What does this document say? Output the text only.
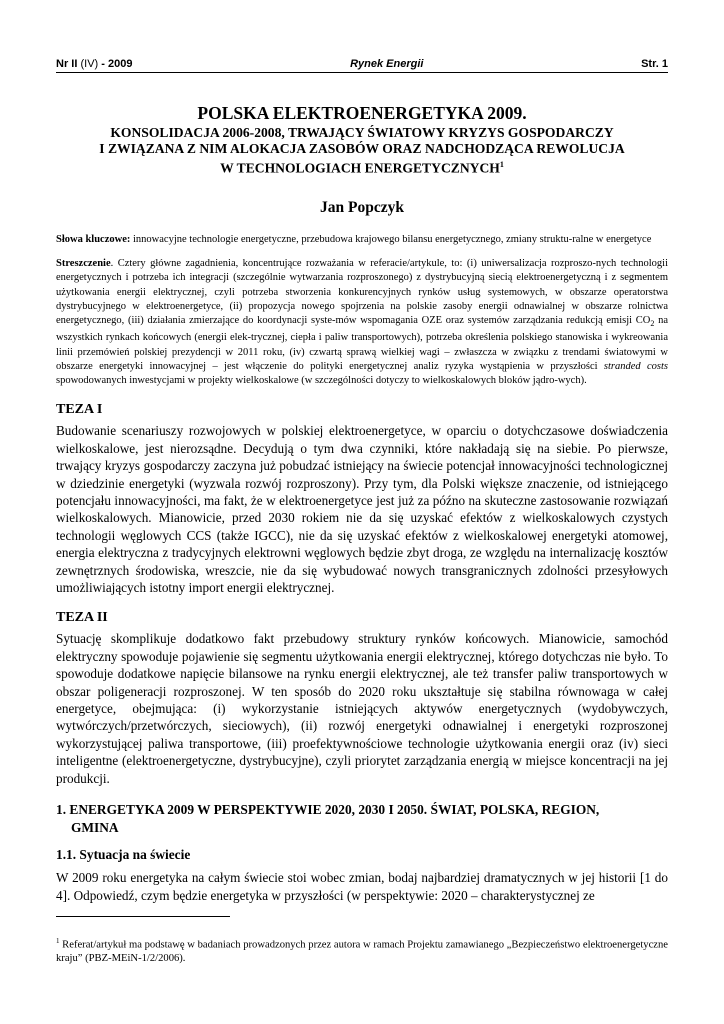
Nr II (IV) - 2009	Rynek Energii	Str. 1
POLSKA ELEKTROENERGETYKA 2009.
KONSOLIDACJA 2006-2008, TRWAJĄCY ŚWIATOWY KRYZYS GOSPODARCZY
I ZWIĄZANA Z NIM ALOKACJA ZASOBÓW ORAZ NADCHODZĄCA REWOLUCJA
W TECHNOLOGIACH ENERGETYCZNYCH$^1$
Jan Popczyk

Słowa kluczowe: innowacyjne technologie energetyczne, przebudowa krajowego bilansu energetycznego, zmiany struktu-ralne w energetyce

Streszczenie. Cztery główne zagadnienia, koncentrujące rozważania w referacie/artykule, to: (i) uniwersalizacja rozproszo-nych technologii energetycznych i potrzeba ich integracji (szczególnie wytwarzania rozproszonego) z dystrybucyjną siecią elektroenergetyczną i z segmentem użytkowania energii elektrycznej, czyli potrzeba stworzenia konkurencyjnych rynków usług systemowych, w obszarze operatorstwa dystrybucyjnego w elektroenergetyce, (ii) propozycja nowego spojrzenia na polskie zasoby energii odnawialnej w obszarze rolnictwa energetycznego, (iii) działania zmierzające do koordynacji syste-mów wspomagania OZE oraz systemów zarządzania redukcją emisji $CO_2$ na wszystkich rynkach końcowych (energii elek-trycznej, ciepła i paliw transportowych), potrzeba określenia polskiego stanowiska i wykreowania linii przemówień polskiej prezydencji w 2011 roku, (iv) czwartą sprawą wielkiej wagi – zwłaszcza w związku z trendami światowymi w obszarze energetyki innowacyjnej – jest włączenie do polityki energetycznej analiz ryzyka wystąpienia w przyszłości stranded costs spowodowanych inwestycjami w projekty wielkoskalowe (w szczególności dotyczy to wielkoskalowych bloków jądro-wych).

TEZA I

Budowanie scenariuszy rozwojowych w polskiej elektroenergetyce, w oparciu o dotychczasowe doświadczenia wielkoskalowe, jest nierozsądne. Decydują o tym dwa czynniki, które nakładają się na siebie. Po pierwsze, trwający kryzys gospodarczy zaczyna już pobudzać istniejący na świecie potencjał innowacyjności technologicznej w dziedzinie energetyki (wyzwala rozwój rozproszony). Przy tym, dla Polski większe znaczenie, od istniejącego potencjału innowacyjności, ma fakt, że w elektroenergetyce jest już za późno na skuteczne zastosowanie rozwiązań wielkoskalowych. Mianowicie, przed 2030 rokiem nie da się uzyskać efektów z wielkoskalowych czystych technologii węglowych CCS (także IGCC), nie da się uzyskać efektów z wielkoskalowej energetyki atomowej, energia elektryczna z tradycyjnych elektrowni węglowych będzie zbyt droga, ze względu na internalizację kosztów zewnętrznych środowiska, wreszcie, nie da się wybudować nowych transgranicznych zdolności przesyłowych umożliwiających istotny import energii elektrycznej.

TEZA II

Sytuację skomplikuje dodatkowo fakt przebudowy struktury rynków końcowych. Mianowicie, samochód elektryczny spowoduje pojawienie się segmentu użytkowania energii elektrycznej, którego dotychczas nie było. To spowoduje dodatkowe napięcie bilansowe na rynku energii elektrycznej, ale też transfer paliw transportowych w obszar poligeneracji rozproszonej. W ten sposób do 2020 roku ukształtuje się stabilna równowaga w całej energetyce, obejmująca: (i) wykorzystanie istniejących aktywów energetycznych (wydobywczych, wytwórczych/przetwórczych, sieciowych), (ii) rozwój energetyki odnawialnej i energetyki rozproszonej wykorzystującej paliwa transportowe, (iii) proefektywnościowe technologie użytkowania energii oraz (iv) sieci inteligentne (elektroenergetyczne, dystrybucyjne), czyli priorytet zarządzania energią w miejsce koncentracji na jej produkcji.

1. ENERGETYKA 2009 W PERSPEKTYWIE 2020, 2030 I 2050. ŚWIAT, POLSKA, REGION,
GMINA
1.1. Sytuacja na świecie

W 2009 roku energetyka na całym świecie stoi wobec zmian, bodaj najbardziej dramatycznych w jej historii [1 do 4]. Odpowiedź, czym będzie energetyka w przyszłości (w perspektywie: 2020 – charakterystycznej ze

$^1$ Referat/artykuł ma podstawę w badaniach prowadzonych przez autora w ramach Projektu zamawianego „Bezpieczeństwo elektroenergetyczne kraju” (PBZ-MEiN-1/2/2006).
